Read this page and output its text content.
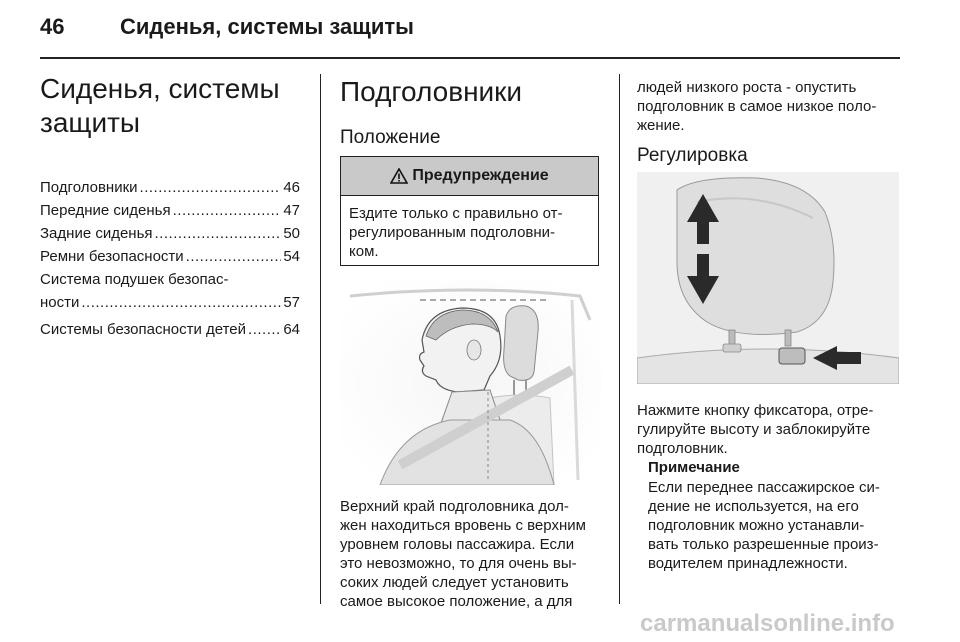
46	Сиденья, системы защиты
Сиденья, системы
защиты
Подголовники .....	46
Передние сиденья .....	47
Задние сиденья .....	50
Ремни безопасности .....	54
Система подушек безопас-
ности .....	57
Системы безопасности детей ..... 64
Подголовники
Положение
Предупреждение
Ездите только с правильно от-
регулированным подголовни-
ком.
Верхний край подголовника дол-
жен находиться вровень с верхним
уровнем головы пассажира. Если
это невозможно, то для очень вы-
соких людей следует установить
самое высокое положение, а для
людей низкого роста - опустить
подголовник в самое низкое поло-
жение.
Регулировка
Нажмите кнопку фиксатора, отре-
гулируйте высоту и заблокируйте
подголовник.
Примечание
Если переднее пассажирское си-
дение не используется, на его
подголовник можно устанавли-
вать только разрешенные произ-
водителем принадлежности.
carmanualsonline.info
